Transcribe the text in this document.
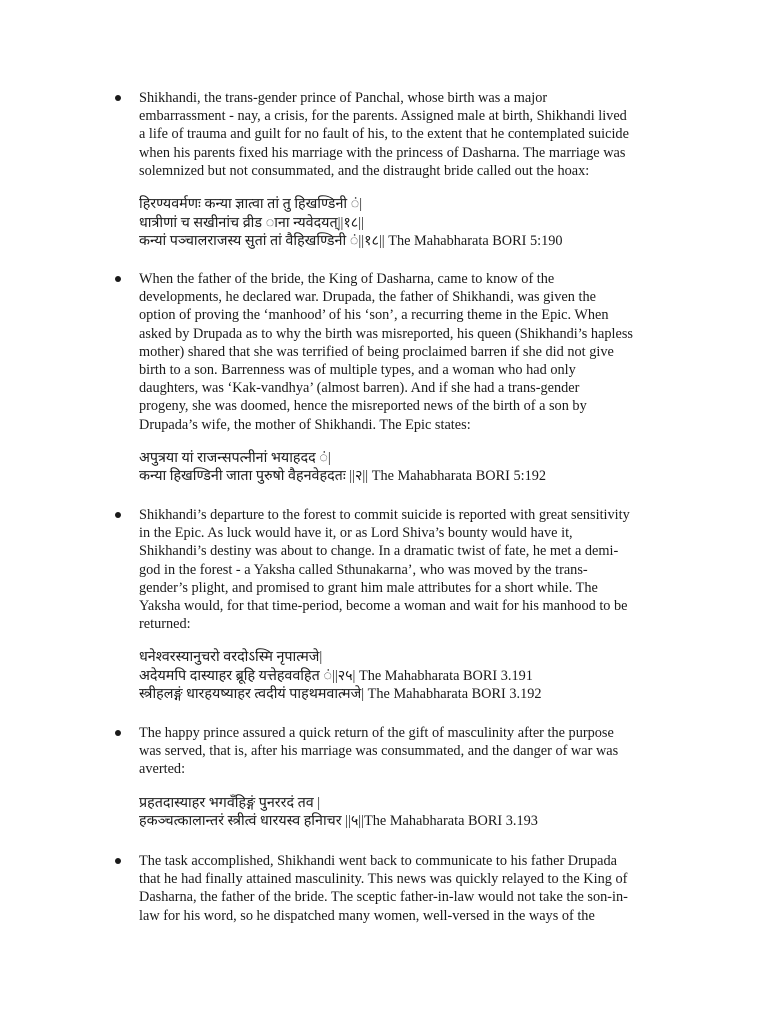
Shikhandi, the trans-gender prince of Panchal, whose birth was a major
embarrassment - nay, a crisis, for the parents. Assigned male at birth, Shikhandi lived
a life of trauma and guilt for no fault of his, to the extent that he contemplated suicide
when his parents fixed his marriage with the princess of Dasharna. The marriage was
solemnized but not consummated, and the distraught bride called out the hoax:

हिरण्यवर्मणः कन्या ज्ञात्वा तां तु हिखण्डिनी ं|
धात्रीणां च सखीनांच व्रीड ाना न्यवेदयत्||१८||
कन्यां पञ्चालराजस्य सुतां तां वैहिखण्डिनी ं||१८|| The Mahabharata BORI 5:190

When the father of the bride, the King of Dasharna, came to know of the
developments, he declared war. Drupada, the father of Shikhandi, was given the
option of proving the ‘manhood’ of his ‘son’, a recurring theme in the Epic. When
asked by Drupada as to why the birth was misreported, his queen (Shikhandi’s hapless
mother) shared that she was terrified of being proclaimed barren if she did not give
birth to a son. Barrenness was of multiple types, and a woman who had only
daughters, was ‘Kak-vandhya’ (almost barren). And if she had a trans-gender
progeny, she was doomed, hence the misreported news of the birth of a son by
Drupada’s wife, the mother of Shikhandi. The Epic states:

अपुत्रया यां राजन्सपत्नीनां भयाहदद ं|
कन्या हिखण्डिनी जाता पुरुषो वैहनवेहदतः ||२|| The Mahabharata BORI 5:192

Shikhandi’s departure to the forest to commit suicide is reported with great sensitivity
in the Epic. As luck would have it, or as Lord Shiva’s bounty would have it,
Shikhandi’s destiny was about to change. In a dramatic twist of fate, he met a demi-
god in the forest - a Yaksha called Sthunakarna’, who was moved by the trans-
gender’s plight, and promised to grant him male attributes for a short while. The
Yaksha would, for that time-period, become a woman and wait for his manhood to be
returned:

धनेश्वरस्यानुचरो वरदोऽस्मि नृपात्मजे|
अदेयमपि दास्याहर ब्रूहि यत्तेहववहित ं||२५| The Mahabharata BORI 3.191
स्त्रीहलङ्गं धारहयष्याहर त्वदीयं पाहथमवात्मजे| The Mahabharata BORI 3.192

The happy prince assured a quick return of the gift of masculinity after the purpose
was served, that is, after his marriage was consummated, and the danger of war was
averted:

प्रहतदास्याहर भगवँहिङ्गं पुनररदं तव |
हकञ्चत्कालान्तरं स्त्रीत्वं धारयस्व हनिाचर ||५||The Mahabharata BORI 3.193

The task accomplished, Shikhandi went back to communicate to his father Drupada
that he had finally attained masculinity. This news was quickly relayed to the King of
Dasharna, the father of the bride. The sceptic father-in-law would not take the son-in-
law for his word, so he dispatched many women, well-versed in the ways of the
